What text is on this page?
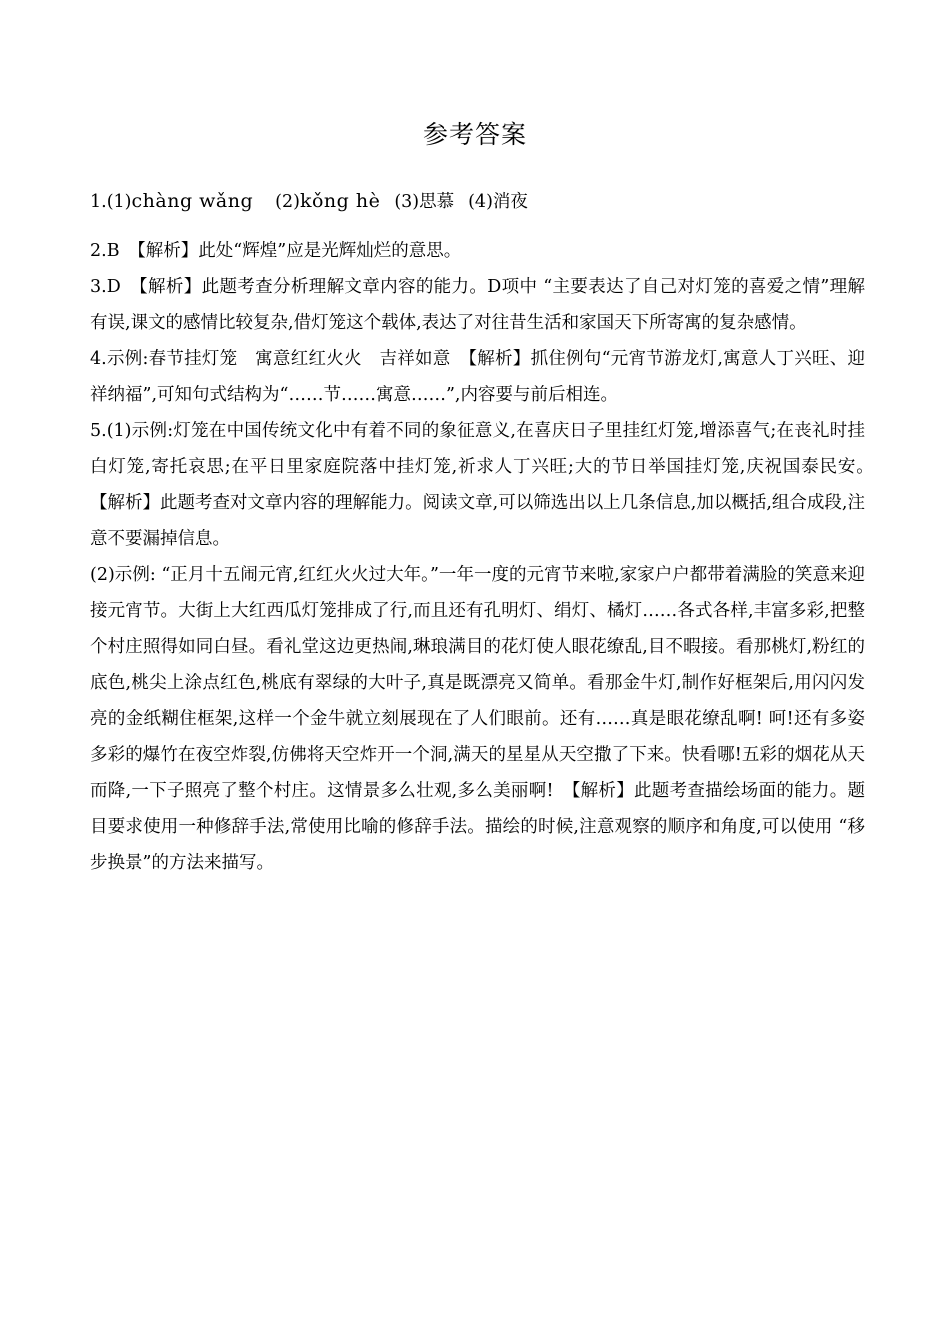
参考答案

1.(1)chàng wǎng (2)kǒng hè (3)思慕 (4)消夜

2.B　【解析】此处“辉煌”应是光辉灿烂的意思。

3.D　【解析】此题考查分析理解文章内容的能力。D项中 “主要表达了自己对灯笼的喜爱之情”理解有误,课文的感情比较复杂,借灯笼这个载体,表达了对往昔生活和家国天下所寄寓的复杂感情。

4.示例:春节挂灯笼　寓意红红火火　吉祥如意　【解析】抓住例句“元宵节游龙灯,寓意人丁兴旺、迎祥纳福”,可知句式结构为“……节……寓意……”,内容要与前后相连。

5.(1)示例:灯笼在中国传统文化中有着不同的象征意义,在喜庆日子里挂红灯笼,增添喜气;在丧礼时挂白灯笼,寄托哀思;在平日里家庭院落中挂灯笼,祈求人丁兴旺;大的节日举国挂灯笼,庆祝国泰民安。　【解析】此题考查对文章内容的理解能力。阅读文章,可以筛选出以上几条信息,加以概括,组合成段,注意不要漏掉信息。

(2)示例: “正月十五闹元宵,红红火火过大年。”一年一度的元宵节来啦,家家户户都带着满脸的笑意来迎接元宵节。大街上大红西瓜灯笼排成了行,而且还有孔明灯、绢灯、橘灯……各式各样,丰富多彩,把整个村庄照得如同白昼。看礼堂这边更热闹,琳琅满目的花灯使人眼花缭乱,目不暇接。看那桃灯,粉红的底色,桃尖上涂点红色,桃底有翠绿的大叶子,真是既漂亮又简单。看那金牛灯,制作好框架后,用闪闪发亮的金纸糊住框架,这样一个金牛就立刻展现在了人们眼前。还有……真是眼花缭乱啊! 呵!还有多姿多彩的爆竹在夜空炸裂,仿佛将天空炸开一个洞,满天的星星从天空撒了下来。快看哪!五彩的烟花从天而降,一下子照亮了整个村庄。这情景多么壮观,多么美丽啊!　【解析】此题考查描绘场面的能力。题目要求使用一种修辞手法,常使用比喻的修辞手法。描绘的时候,注意观察的顺序和角度,可以使用 “移步换景”的方法来描写。
